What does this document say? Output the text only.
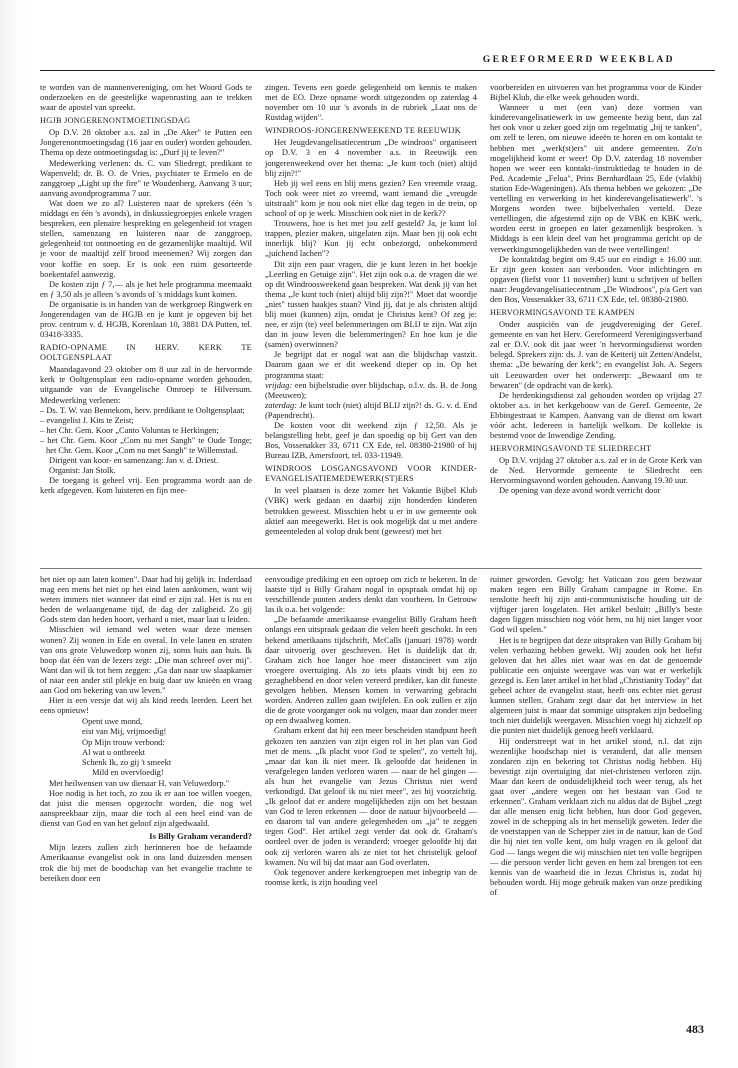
GEREFORMEERD WEEKBLAD

te worden van de mannenvereniging, om het Woord Gods te onderzoeken en de geestelijke wapenrusting aan te trekken waar de apostel van spreekt.

HGJB JONGERENONTMOETINGSDAG

Op D.V. 28 oktober a.s. zal in „De Aker" te Putten een Jongerenontmoetingsdag (16 jaar en ouder) worden gehouden. Thema op deze ontmoetingsdag is: „Durf jij te leven?"

Medewerking verlenen: ds. C. van Sliedregt, predikant te Wapenveld; dr. B. O. de Vries, psychiater te Ermelo en de zanggroep „Light up the fire" te Woudenberg. Aanvang 3 uur; aanvang avondprogramma 7 uur.

Wat doen we zo al? Luisteren naar de sprekers (één 's middags en één 's avonds), in diskussiegroepjes enkele vragen bespreken, een plenaire bespreking en gelegenheid tot vragen stellen, samenzang en luisteren naar de zanggroep, gelegenheid tot ontmoeting en de gezamenlijke maaltijd. Wil je voor de maaltijd zelf brood meenemen? Wij zorgen dan voor koffie en soep. Er is ook een ruim gesorteerde boekentafel aanwezig.

De kosten zijn ƒ 7,— als je het hele programma meemaakt en ƒ 3,50 als je alleen 's avonds of 's middags kunt komen.

De organisatie is in handen van de werkgroep Ringwerk en Jongerendagen van de HGJB en je kunt je opgeven bij het prov. centrum v. d. HGJB, Korenlaan 10, 3881 DA Putten, tel. 03418-3335.

RADIO-OPNAME IN HERV. KERK TE OOLTGENSPLAAT

Maandagavond 23 oktober om 8 uur zal in de hervormde kerk te Ooltgensplaat een radio-opname worden gehouden, uitgaande van de Evangelische Omroep te Hilversum. Medewerking verlenen:

– Ds. T. W. van Bennekom, herv. predikant te Ooltgensplaat;
– evangelist J. Kits te Zeist;
– het Chr. Gem. Koor „Canto Voluntas te Herkingen;
– het Chr. Gem. Koor „Com nu met Sangh" te Oude Tonge; het Chr. Gem. Koor „Com nu met Sangh" te Willemstad.

Dirigent van koor- en samenzang: Jan v. d. Driest.

Organist: Jan Stolk.

De toegang is geheel vrij. Een programma wordt aan de kerk afgegeven. Kom luisteren en fijn mee-

zingen. Tevens een goede gelegenheid om kennis te maken met de EO. Deze opname wordt uitgezonden op zaterdag 4 november om 10 uur 's avonds in de rubriek „Laat ons de Rustdag wijden".

WINDROOS-JONGERENWEEKEND TE REEUWIJK

Het Jeugdevangelisatiecentrum „De windroos" organiseert op D.V. 3 en 4 november a.s. in Reeuwijk een jongerenweekend over het thema: „Je kunt toch (niet) altijd blij zijn?!"

Heb jij wel eens en blij mens gezien? Een vreemde vraag. Toch ook weer niet zo vreemd, want iemand die „vreugde uitstraalt" kom je nou ook niet elke dag tegen in de trein, op school of op je werk. Misschien ook niet in de kerk??

Trouwens, hoe is het met jou zelf gesteld? Ja, je kunt lol trappen, plezier maken, uitgelaten zijn. Maar ben jij ook echt innerlijk blij? Kun jij echt onbezorgd, onbekommerd „juichend lachen"?

Dit zijn een paar vragen, die je kunt lezen in het boekje „Leerling en Getuige zijn". Het zijn ook o.a. de vragen die we op dit Windroosweekend gaan bespreken. Wat denk jij van het thema „Je kunt toch (niet) altijd blij zijn?!" Moet dat woordje „niet" tussen haakjes staan? Vind jij, dat je als christen altijd blij moet (kunnen) zijn, omdat je Christus kent? Of zeg je: nee, er zijn (te) veel belemmeringen om BLIJ te zijn. Wat zijn dan in jouw leven die belemmeringen? En hoe kun je die (samen) overwinnen?

Je begrijpt dat er nogal wat aan die blijdschap vastzit. Daarom gaan we er dit weekend dieper op in. Op het programma staat:

vrijdag: een bijbelstudie over blijdschap, o.l.v. ds. B. de Jong (Meeuwen);

zaterdag: Je kunt toch (niet) altijd BLIJ zijn?! ds. G. v. d. End (Papendrecht).

De kosten voor dit weekend zijn ƒ 12,50. Als je belangstelling hebt, geef je dan spoedig op bij Gert van den Bos, Vossenakker 33, 6711 CX Ede, tel. 08380-21980 of bij Bureau IZB, Amersfoort, tel. 033-11949.

WINDROOS LOSGANGSAVOND VOOR KINDER-EVANGELISATIEMEDEWERK(ST)ERS

In veel plaatsen is deze zomer het Vakantie Bijbel Klub (VBK) werk gedaan en daarbij zijn honderden kinderen betrokken geweest. Misschien hebt u er in uw gemeente ook aktief aan meegewerkt. Het is ook mogelijk dat u met andere gemeenteleden al volop druk bent (geweest) met het

voorbereiden en uitvoeren van het programma voor de Kinder Bijbel Klub, die elke week gehouden wordt.

Wanneer u met (een van) deze vormen van kinderevangelisatiewerk in uw gemeente bezig bent, dan zal het ook voor u zeker goed zijn om regelmatig „bij te tanken", om zelf te leren, om nieuwe ideeën te horen en om kontakt te hebben met „werk(st)ers" uit andere gemeenten. Zo'n mogelijkheid komt er weer! Op D.V. zaterdag 18 november hopen we weer een kontakt-/instruktiedag te houden in de Ped. Academie „Felua", Prins Bernhardlaan 25, Ede (vlakbij station Ede-Wageningen). Als thema hebben we gekozen: „De vertelling en verwerking in het kinderevangelisatiewerk". 's Morgens worden twee bijbelverhalen verteld. Deze vertellingen, die afgestemd zijn op de VBK en KBK werk, worden eerst in groepen en later gezamenlijk besproken. 's Middags is een klein deel van het programma gericht op de verwerkingsmogelijkheden van de twee vertellingen!

De kontaktdag begint om 9.45 uur en eindigt ± 16.00 uur. Er zijn geen kosten aan verbonden. Voor inlichtingen en opgaven (liefst voor 11 november) kunt u schrijven of bellen naar: Jeugdevangelisatiecentrum „De Windroos", p/a Gert van den Bos, Vossenakker 33, 6711 CX Ede, tel. 08380-21980.

HERVORMINGSAVOND TE KAMPEN

Onder auspiciën van de jeugdvereniging der Geref. gemeente en van het Herv. Gereformeerd Verenigingsverband zal er D.V. ook dit jaar weer 'n hervormingsdienst worden belegd. Sprekers zijn: ds. J. van de Ketterij uit Zetten/Andelst, thema: „De bewaring der kerk"; en evangelist Joh. A. Segers uit Leeuwarden over het onderwerp: „Bewaard om te bewaren" (de opdracht van de kerk).

De herdenkingsdienst zal gehouden worden op vrijdag 27 oktober a.s. in het kerkgebouw van de Geref. Gemeente, 2e Ebbingestraat te Kampen. Aanvang van de dienst om kwart vóór acht. Iedereen is hartelijk welkom. De kollekte is bestemd voor de Inwendige Zending.

HERVORMINGSAVOND TE SLIEDRECHT

Op D.V. vrijdag 27 oktober a.s. zal er in de Grote Kerk van de Ned. Hervormde gemeente te Sliedrecht een Hervormingsavond worden gehouden. Aanvang 19.30 uur.

De opening van deze avond wordt verricht door

het niet op aan laten komen". Daar had hij gelijk in. Inderdaad mag een mens het niet op het eind laten aankomen, want wij weten immers niet wanneer dat eind er zijn zal. Het is nu en heden de welaangename tijd, de dag der zaligheid. Zo gij Gods stem dan heden hoort, verhard u niet, maar laat u leiden.

Misschien wil iemand wel weten waar deze mensen wonen? Zij wonen in Ede en overal. In vele lanen en straten van ons grote Veluwedorp wonen zij, soms huis aan huis. Ik hoop dat één van de lezers zegt: „Die man schreef over mij". Want dan wil ik tot hem zeggen: „Ga dan naar uw slaapkamer of naar een ander stil plekje en buig daar uw knieën en vraag aan God om bekering van uw leven."

Hier is een versje dat wij als kind reeds leerden. Leert het eens opnieuw!

Opent uwe mond,
eist van Mij, vrijmoedig!
Op Mijn trouw verbond:
Al wat u ontbreekt
Schenk Ik, zo gij 't smeekt
Mild en overvloedig!

Met heilwensen van uw dienaar H. van Veluwedorp."

Hoe nodig is het toch, zo zou ik er aan toe willen voegen, dat juist die mensen opgezocht worden, die nog wel aanspreekbaar zijn, maar die toch al een heel eind van de dienst van God en van het geloof zijn afgedwaald.

Is Billy Graham veranderd?

Mijn lezers zullen zich herinneren hoe de befaamde Amerikaanse evangelist ook in ons land duizenden mensen trok die bij met de boodschap van het evangelie trachtte te bereiken door een

eenvoudige prediking en een oproep om zich te bekeren. In de laatste tijd is Billy Graham nogal in opspraak omdat hij op verschillende punten anders denkt dan voorheen. In Getrouw las ik o.a. het volgende:

„De befaamde amerikaanse evangelist Billy Graham heeft onlangs een uitspraak gedaan die velen heeft geschokt. In een bekend amerikaans tijdschrift, McCalls (januari 1978) wordt daar uitvoerig over geschreven. Het is duidelijk dat dr. Graham zich hoe langer hoe meer distancieert van zijn vroegere overtuiging. Als zo iets plaats vindt bij een zo gezaghebbend en door velen vereerd prediker, kan dit funeste gevolgen hebben. Mensen komen in verwarring gebracht worden. Anderen zullen gaan twijfelen. En ook zullen er zijn die de grote voorganger ook nu volgen, maar dan zonder meer op een dwaalweg komen.

Graham erkent dat hij een meer bescheiden standpunt heeft gekozen ten aanzien van zijn eigen rol in het plan van God met de mens. „Ik placht voor God te spelen", zo vertelt hij, „maar dat kan ik niet meer. Ik geloofde dat heidenen in verafgelegen landen verloren waren — naar de hel gingen — als hun het evangelie van Jezus Christus niet werd verkondigd. Dat geloof ik nu niet meer", zei hij voorzichtig. „Ik geloof dat er andere mogelijkheden zijn om het bestaan van God te leren erkennen — door de natuur bijvoorbeeld — en daarom tal van andere gelegenheden om „ja" te zeggen tegen God". Het artikel zegt verder dat ook dr. Graham's oordeel over de joden is veranderd: vroeger geloofde hij dat ook zij verloren waren als ze niet tot het christelijk geloof kwamen. Nu wil hij dat maar aan God overlaten.

Ook tegenover andere kerkengroepen met inbegrip van de roomse kerk, is zijn houding veel

ruimer geworden. Gevolg: het Vaticaan zou geen bezwaar maken tegen een Billy Graham campagne in Rome. En tenslotte heeft hij zijn anti-communistische houding uit de vijftiger jaren losgelaten. Het artikel besluit: „Billy's beste dagen liggen misschien nog vóór hem, nu hij niet langer voor God wil spelen."

Het is te begrijpen dat deze uitspraken van Billy Graham bij velen verbazing hebben gewekt. Wij zouden ook het liefst geloven dat het alles niet waar was en dat de genoemde publicatie een onjuiste weergave was van wat er werkelijk gezegd is. Een later artikel in het blad „Christianity Today" dat geheel achter de evangelist staat, heeft ons echter niet gerust kunnen stellen. Graham zegt daar dat het interview in het algemeen juist is maar dat sommige uitspraken zijn bedoeling toch niet duidelijk weergaven. Misschien voegt hij zichzelf op die punten niet duidelijk genoeg heeft verklaard.

Hij onderstreept wat in het artikel stond, n.l. dat zijn wezenlijke boodschap niet is veranderd, dat alle mensen zondaren zijn en bekering tot Christus nodig hebben. Hij bevestigt zijn overtuiging dat niet-christenen verloren zijn. Maar dan keert de onduidelijkheid toch weer terug, als het gaat over „andere wegen om het bestaan van God te erkennen". Graham verklaart zich nu aldus dat de Bijbel „zegt dat alle mensen enig licht hebben, hun door God gegeven, zowel in de schepping als in het menselijk geweten. Ieder die de voetstappen van de Schepper ziet in de natuur, kan de God die hij niet ten volle kent, om hulp vragen en ik geloof dat God — langs wegen die wij misschien niet ten volle begrijpen — die persoon verder licht geven en hem zal brengen tot een kennis van de waarheid die in Jezus Christus is, zodat hij behouden wordt. Hij moge gebruik maken van onze prediking of

483
